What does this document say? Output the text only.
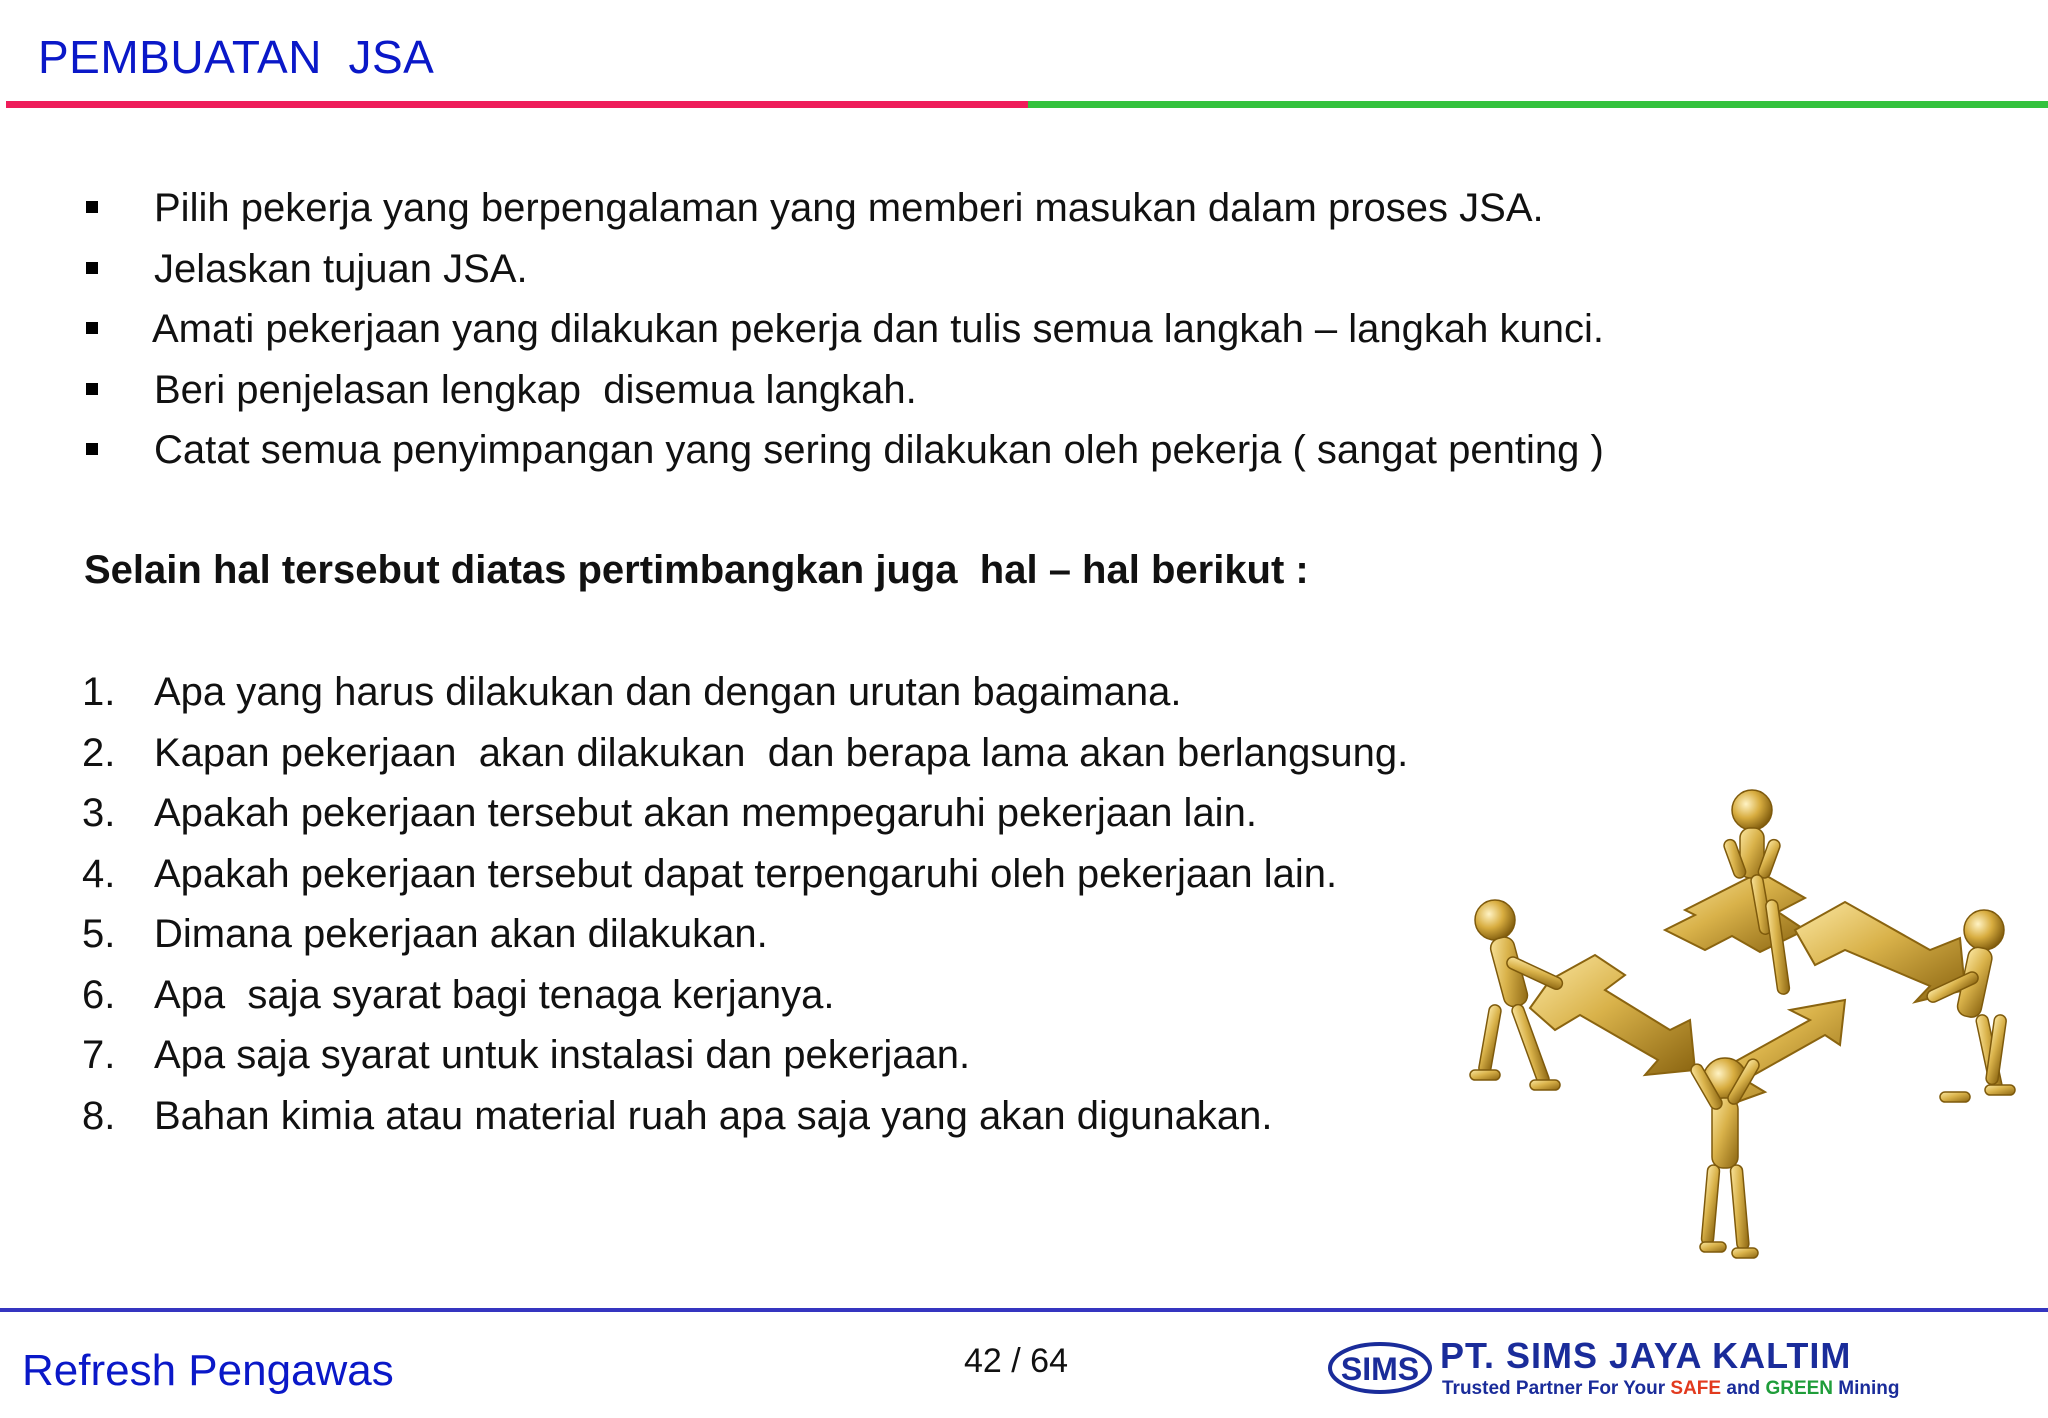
PEMBUATAN  JSA
Pilih pekerja yang berpengalaman yang memberi masukan dalam proses JSA.
Jelaskan tujuan JSA.
Amati pekerjaan yang dilakukan pekerja dan tulis semua langkah – langkah kunci.
Beri penjelasan lengkap  disemua langkah.
Catat semua penyimpangan yang sering dilakukan oleh pekerja ( sangat penting )
Selain hal tersebut diatas pertimbangkan juga  hal – hal berikut :
1. Apa yang harus dilakukan dan dengan urutan bagaimana.
2. Kapan pekerjaan  akan dilakukan  dan berapa lama akan berlangsung.
3. Apakah pekerjaan tersebut akan mempegaruhi pekerjaan lain.
4. Apakah pekerjaan tersebut dapat terpengaruhi oleh pekerjaan lain.
5. Dimana pekerjaan akan dilakukan.
6. Apa  saja syarat bagi tenaga kerjanya.
7. Apa saja syarat untuk instalasi dan pekerjaan.
8. Bahan kimia atau material ruah apa saja yang akan digunakan.
Refresh Pengawas	42 / 64	SIMS PT. SIMS JAYA KALTIM
Trusted Partner For Your SAFE and GREEN Mining
